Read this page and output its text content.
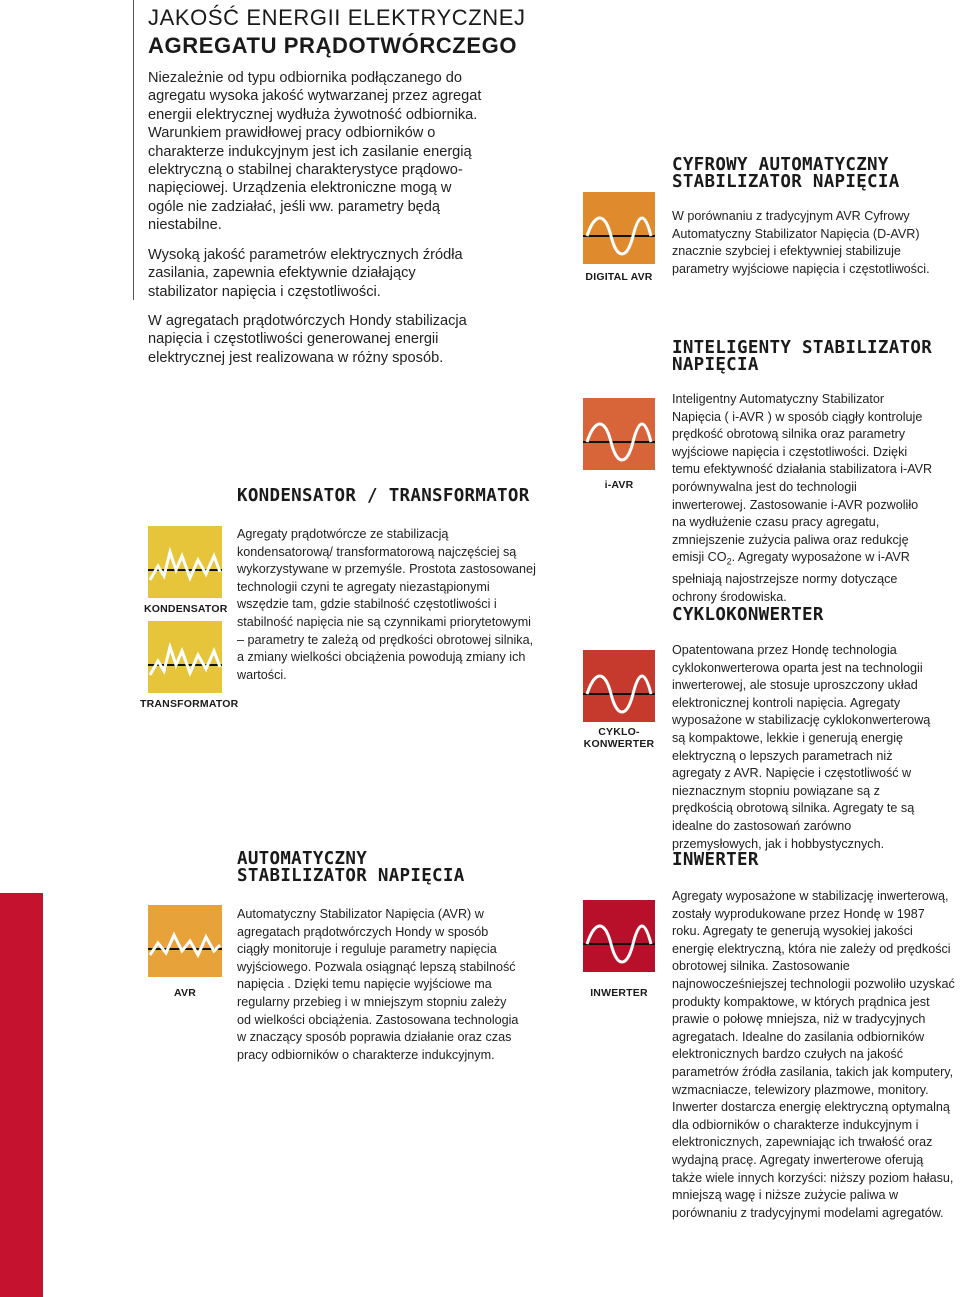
JAKOŚĆ ENERGII ELEKTRYCZNEJ
AGREGATU PRĄDOTWÓRCZEGO

Niezależnie od typu odbiornika podłączanego do agregatu wysoka jakość wytwarzanej przez agregat energii elektrycznej wydłuża żywotność odbiornika. Warunkiem prawidłowej pracy odbiorników o charakterze indukcyjnym jest ich zasilanie energią elektryczną o stabilnej charakterystyce prądowo-napięciowej. Urządzenia elektroniczne mogą w ogóle nie zadziałać, jeśli ww. parametry będą niestabilne.

Wysoką jakość parametrów elektrycznych źródła zasilania, zapewnia efektywnie działający stabilizator napięcia i częstotliwości.

W agregatach prądotwórczych Hondy stabilizacja napięcia i częstotliwości generowanej energii elektrycznej jest realizowana w różny sposób.

DIGITAL AVR

CYFROWY AUTOMATYCZNY

STABILIZATOR NAPIĘCIA

W porównaniu z tradycyjnym AVR Cyfrowy Automatyczny Stabilizator Napięcia (D-AVR) znacznie szybciej i efektywniej stabilizuje parametry wyjściowe napięcia i częstotliwości.

i-AVR

INTELIGENTY STABILIZATOR

NAPIĘCIA

Inteligentny Automatyczny Stabilizator Napięcia ( i-AVR ) w sposób ciągły kontroluje prędkość obrotową silnika oraz parametry wyjściowe napięcia i częstotliwości. Dzięki temu efektywność działania stabilizatora i-AVR porównywalna jest do technologii inwerterowej. Zastosowanie i-AVR pozwoliło na wydłużenie czasu pracy agregatu, zmniejszenie zużycia paliwa oraz redukcję emisji $CO_2$. Agregaty wyposażone w i-AVR spełniają najostrzejsze normy dotyczące ochrony środowiska.

KONDENSATOR
TRANSFORMATOR

KONDENSATOR / TRANSFORMATOR

Agregaty prądotwórcze ze stabilizacją kondensatorową/ transformatorową najczęściej są wykorzystywane w przemyśle. Prostota zastosowanej technologii czyni te agregaty niezastąpionymi wszędzie tam, gdzie stabilność częstotliwości i stabilność napięcia nie są czynnikami priorytetowymi – parametry te zależą od prędkości obrotowej silnika, a zmiany wielkości obciążenia powodują zmiany ich wartości.

CYKLO-
KONWERTER

CYKLOKONWERTER

Opatentowana przez Hondę technologia cyklokonwerterowa oparta jest na technologii inwerterowej, ale stosuje uproszczony układ elektronicznej kontroli napięcia. Agregaty wyposażone w stabilizację cyklokonwerterową są kompaktowe, lekkie i generują energię elektryczną o lepszych parametrach niż agregaty z AVR. Napięcie i częstotliwość w nieznacznym stopniu powiązane są z prędkością obrotową silnika. Agregaty te są idealne do zastosowań zarówno przemysłowych, jak i hobbystycznych.

AVR

AUTOMATYCZNY

STABILIZATOR NAPIĘCIA

Automatyczny Stabilizator Napięcia (AVR) w agregatach prądotwórczych Hondy w sposób ciągły monitoruje i reguluje parametry napięcia wyjściowego. Pozwala osiągnąć lepszą stabilność napięcia . Dzięki temu napięcie wyjściowe ma regularny przebieg i w mniejszym stopniu zależy od wielkości obciążenia. Zastosowana technologia w znaczący sposób poprawia działanie oraz czas pracy odbiorników o charakterze indukcyjnym.

INWERTER

INWERTER

Agregaty wyposażone w stabilizację inwerterową, zostały wyprodukowane przez Hondę w 1987 roku. Agregaty te generują wysokiej jakości energię elektryczną, która nie zależy od prędkości obrotowej silnika. Zastosowanie najnowocześniejszej technologii pozwoliło uzyskać produkty kompaktowe, w których prądnica jest prawie o połowę mniejsza, niż w tradycyjnych agregatach. Idealne do zasilania odbiorników elektronicznych bardzo czułych na jakość parametrów źródła zasilania, takich jak komputery, wzmacniacze, telewizory plazmowe, monitory. Inwerter dostarcza energię elektryczną optymalną dla odbiorników o charakterze indukcyjnym i elektronicznych, zapewniając ich trwałość oraz wydajną pracę. Agregaty inwerterowe oferują także wiele innych korzyści: niższy poziom hałasu, mniejszą wagę i niższe zużycie paliwa w porównaniu z tradycyjnymi modelami agregatów.
